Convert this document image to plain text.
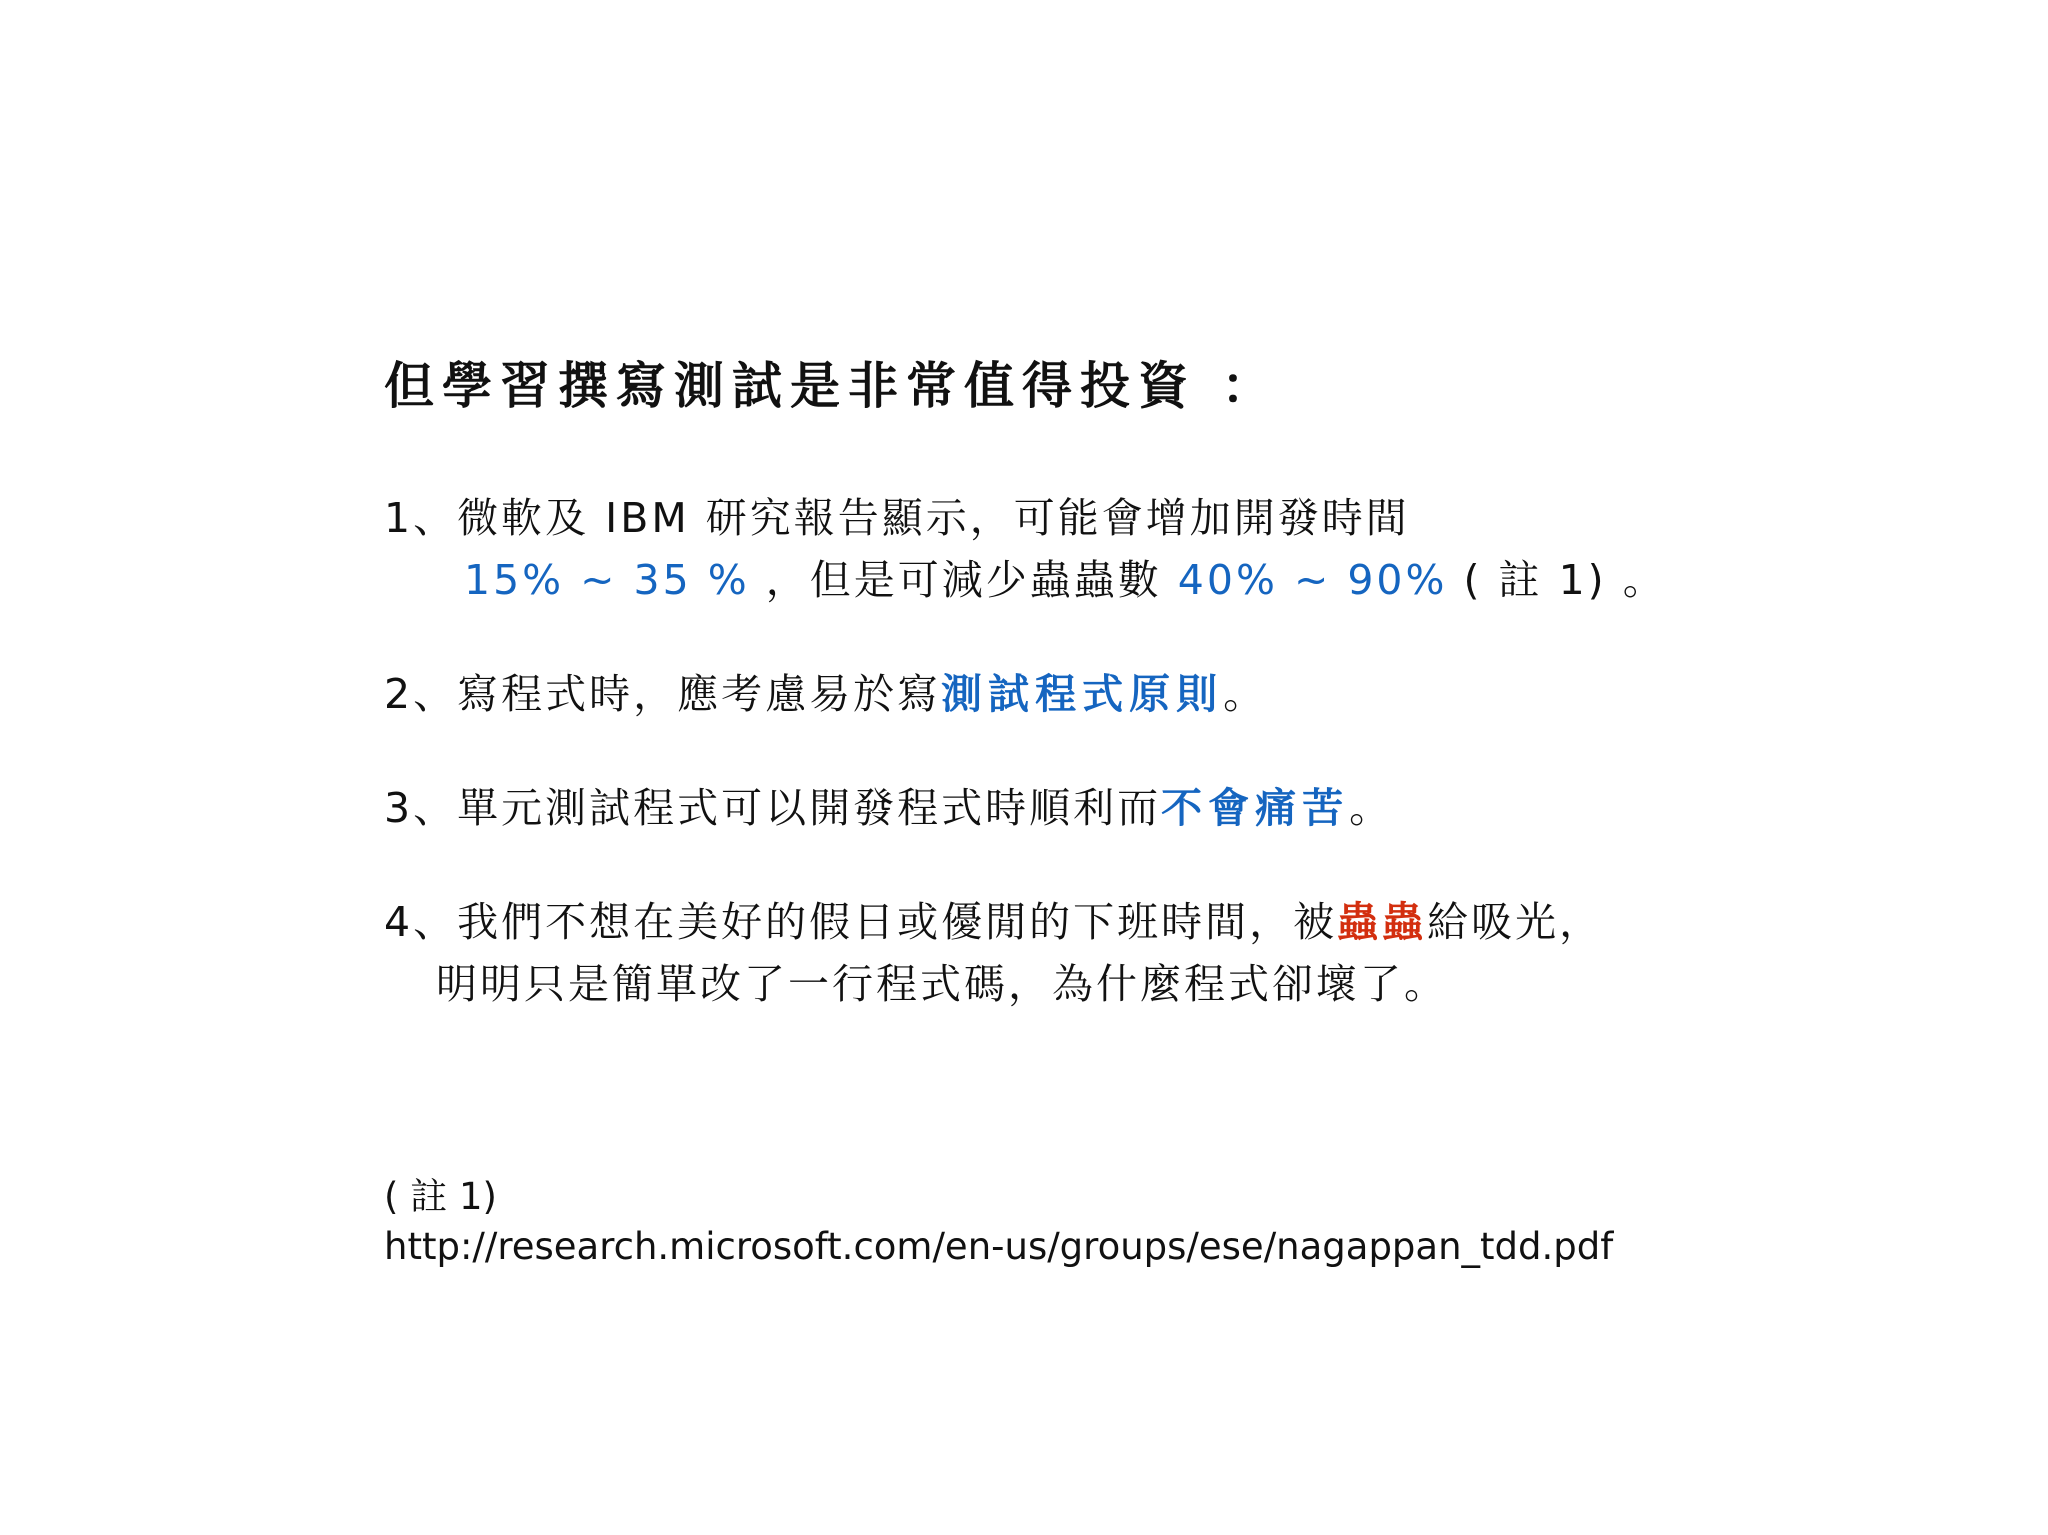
但學習撰寫測試是非常值得投資 ：
1、微軟及 IBM 研究報告顯示，可能會增加開發時間
15% ~ 35 % ，但是可減少蟲蟲數 40% ~ 90% ( 註 1) 。
2、寫程式時，應考慮易於寫測試程式原則。
3、單元測試程式可以開發程式時順利而不會痛苦。
4、我們不想在美好的假日或優閒的下班時間，被蟲蟲給吸光，
明明只是簡單改了一行程式碼，為什麼程式卻壞了。
( 註 1)
http://research.microsoft.com/en-us/groups/ese/nagappan_tdd.pdf
